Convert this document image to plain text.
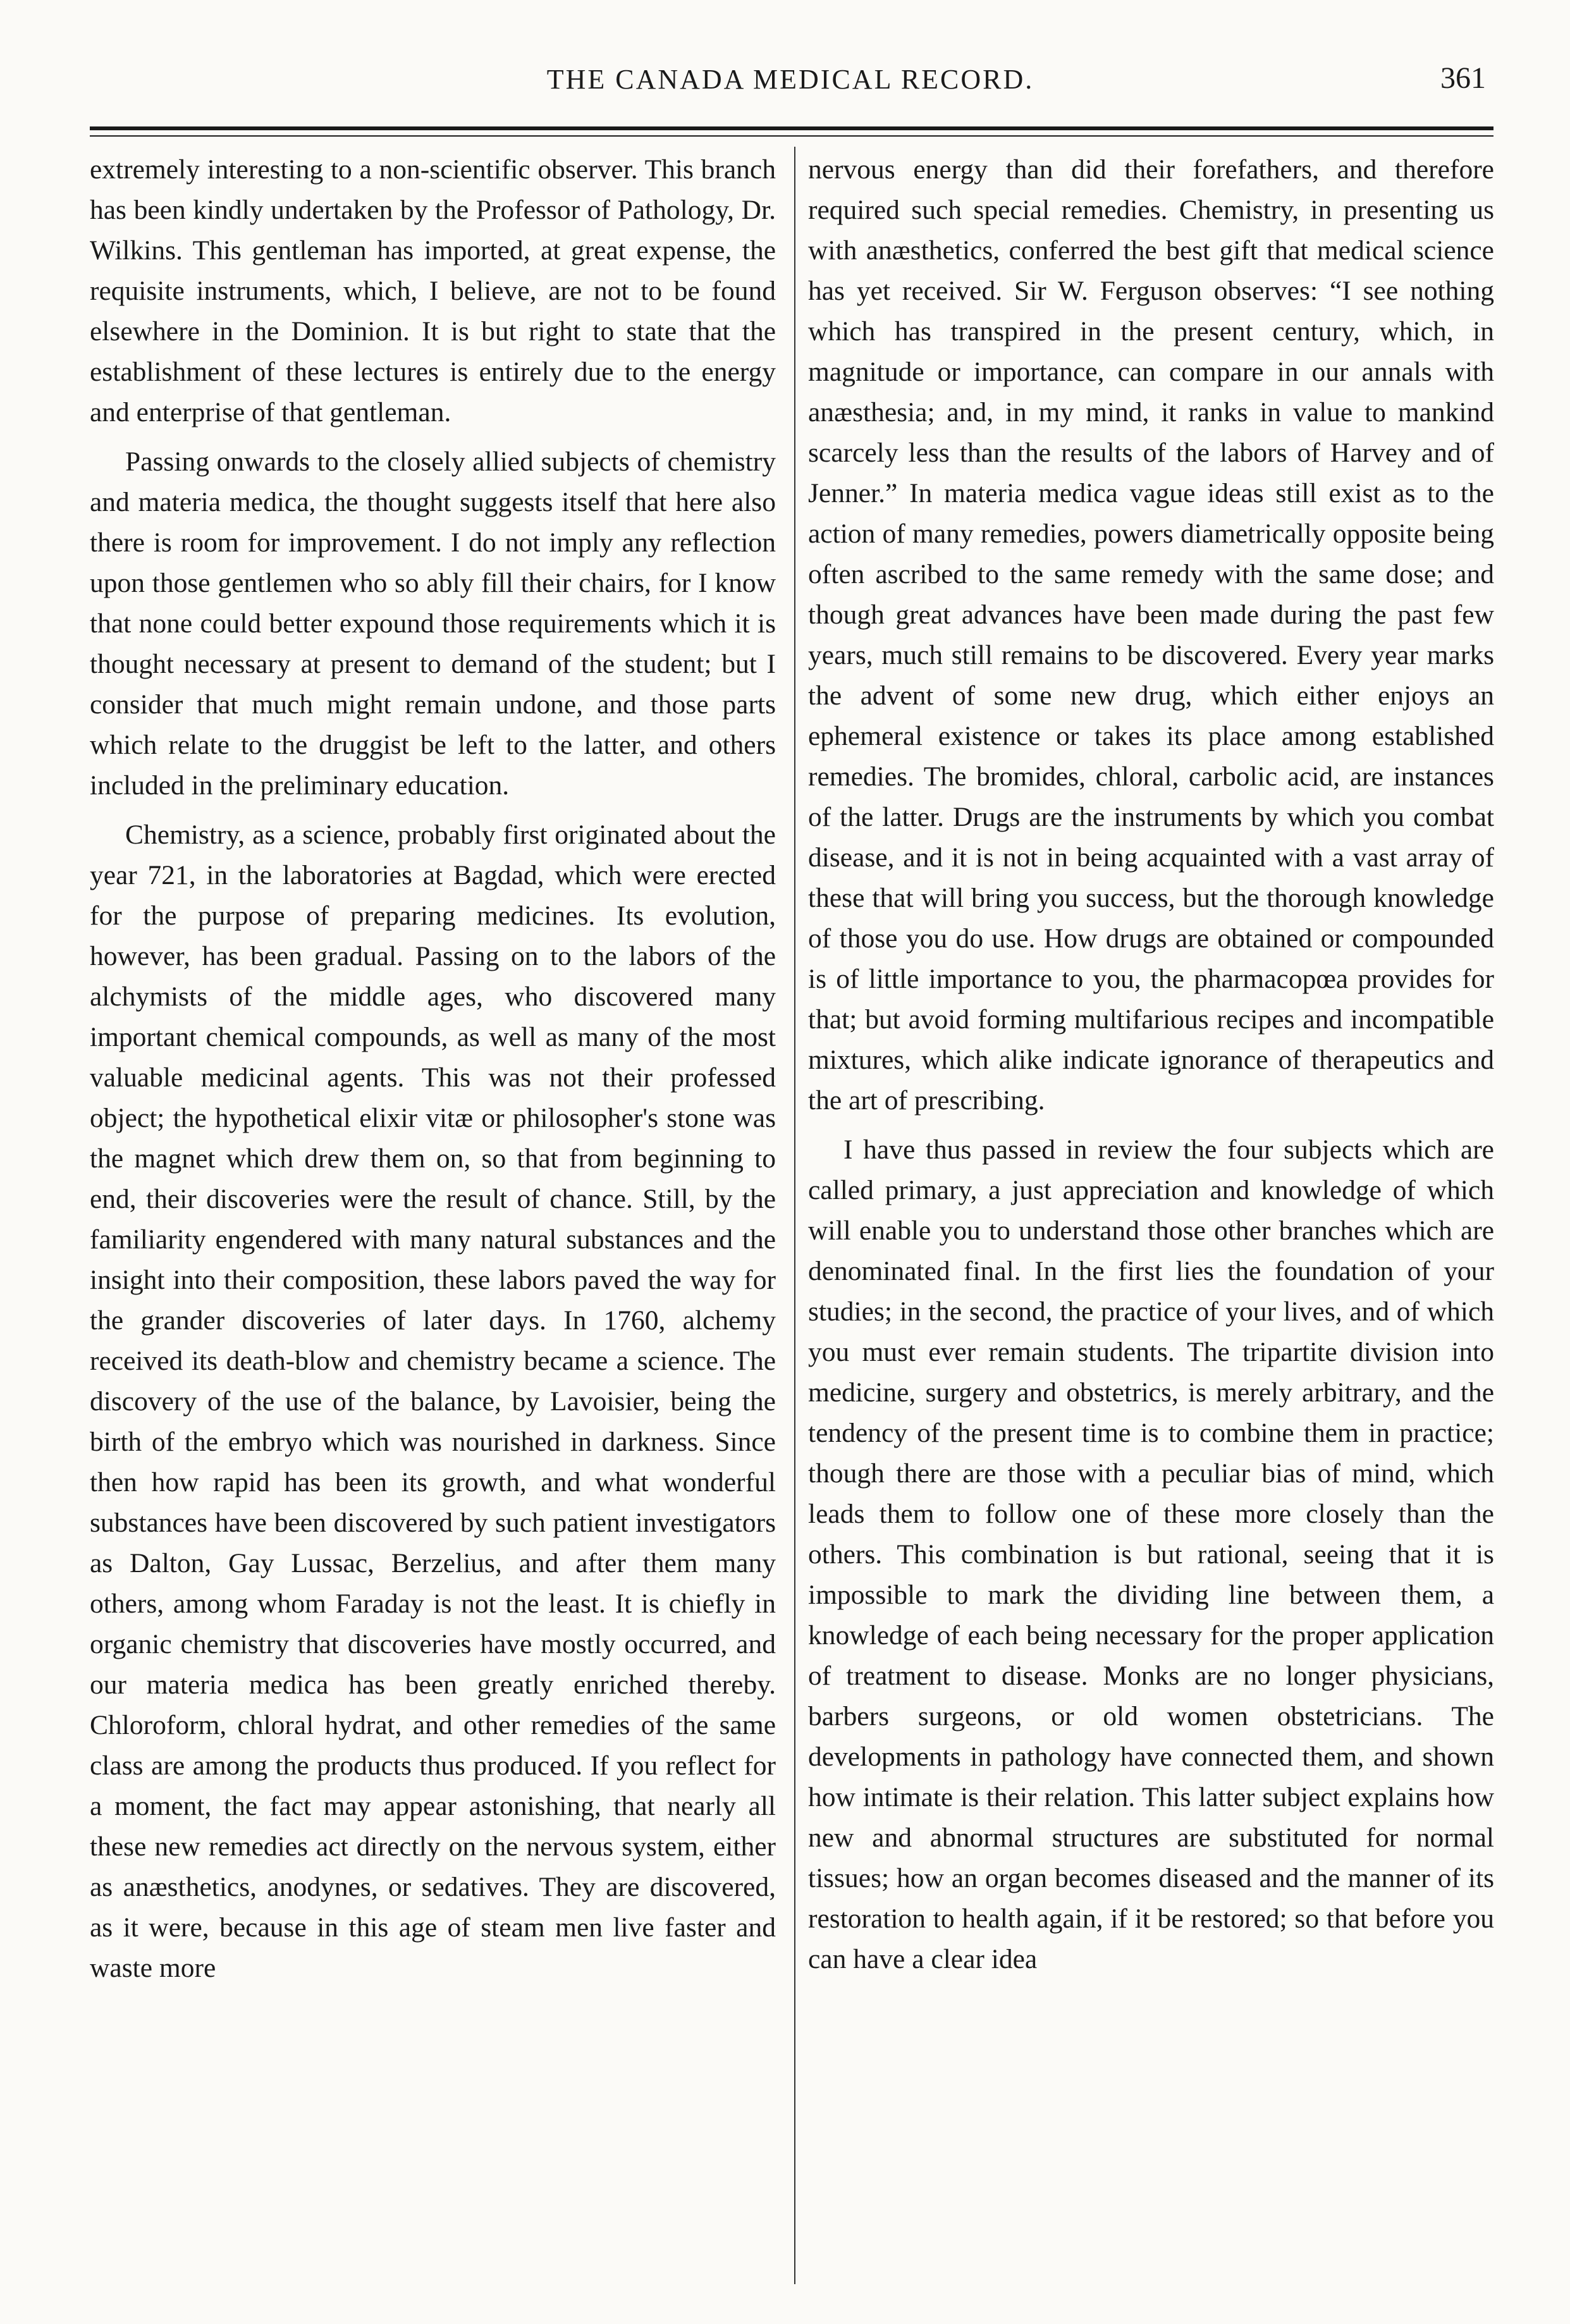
THE CANADA MEDICAL RECORD.	361

extremely interesting to a non-scientific observer. This branch has been kindly undertaken by the Professor of Pathology, Dr. Wilkins. This gentleman has imported, at great expense, the requisite instruments, which, I believe, are not to be found elsewhere in the Dominion. It is but right to state that the establishment of these lectures is entirely due to the energy and enterprise of that gentleman.

Passing onwards to the closely allied subjects of chemistry and materia medica, the thought suggests itself that here also there is room for improvement. I do not imply any reflection upon those gentlemen who so ably fill their chairs, for I know that none could better expound those requirements which it is thought necessary at present to demand of the student; but I consider that much might remain undone, and those parts which relate to the druggist be left to the latter, and others included in the preliminary education.

Chemistry, as a science, probably first originated about the year 721, in the laboratories at Bagdad, which were erected for the purpose of preparing medicines. Its evolution, however, has been gradual. Passing on to the labors of the alchymists of the middle ages, who discovered many important chemical compounds, as well as many of the most valuable medicinal agents. This was not their professed object; the hypothetical elixir vitæ or philosopher's stone was the magnet which drew them on, so that from beginning to end, their discoveries were the result of chance. Still, by the familiarity engendered with many natural substances and the insight into their composition, these labors paved the way for the grander discoveries of later days. In 1760, alchemy received its death-blow and chemistry became a science. The discovery of the use of the balance, by Lavoisier, being the birth of the embryo which was nourished in darkness. Since then how rapid has been its growth, and what wonderful substances have been discovered by such patient investigators as Dalton, Gay Lussac, Berzelius, and after them many others, among whom Faraday is not the least. It is chiefly in organic chemistry that discoveries have mostly occurred, and our materia medica has been greatly enriched thereby. Chloroform, chloral hydrat, and other remedies of the same class are among the products thus produced. If you reflect for a moment, the fact may appear astonishing, that nearly all these new remedies act directly on the nervous system, either as anæsthetics, anodynes, or sedatives. They are discovered, as it were, because in this age of steam men live faster and waste more

nervous energy than did their forefathers, and therefore required such special remedies. Chemistry, in presenting us with anæsthetics, conferred the best gift that medical science has yet received. Sir W. Ferguson observes: “I see nothing which has transpired in the present century, which, in magnitude or importance, can compare in our annals with anæsthesia; and, in my mind, it ranks in value to mankind scarcely less than the results of the labors of Harvey and of Jenner.” In materia medica vague ideas still exist as to the action of many remedies, powers diametrically opposite being often ascribed to the same remedy with the same dose; and though great advances have been made during the past few years, much still remains to be discovered. Every year marks the advent of some new drug, which either enjoys an ephemeral existence or takes its place among established remedies. The bromides, chloral, carbolic acid, are instances of the latter. Drugs are the instruments by which you combat disease, and it is not in being acquainted with a vast array of these that will bring you success, but the thorough knowledge of those you do use. How drugs are obtained or compounded is of little importance to you, the pharmacopœa provides for that; but avoid forming multifarious recipes and incompatible mixtures, which alike indicate ignorance of therapeutics and the art of prescribing.

I have thus passed in review the four subjects which are called primary, a just appreciation and knowledge of which will enable you to understand those other branches which are denominated final. In the first lies the foundation of your studies; in the second, the practice of your lives, and of which you must ever remain students. The tripartite division into medicine, surgery and obstetrics, is merely arbitrary, and the tendency of the present time is to combine them in practice; though there are those with a peculiar bias of mind, which leads them to follow one of these more closely than the others. This combination is but rational, seeing that it is impossible to mark the dividing line between them, a knowledge of each being necessary for the proper application of treatment to disease. Monks are no longer physicians, barbers surgeons, or old women obstetricians. The developments in pathology have connected them, and shown how intimate is their relation. This latter subject explains how new and abnormal structures are substituted for normal tissues; how an organ becomes diseased and the manner of its restoration to health again, if it be restored; so that before you can have a clear idea
